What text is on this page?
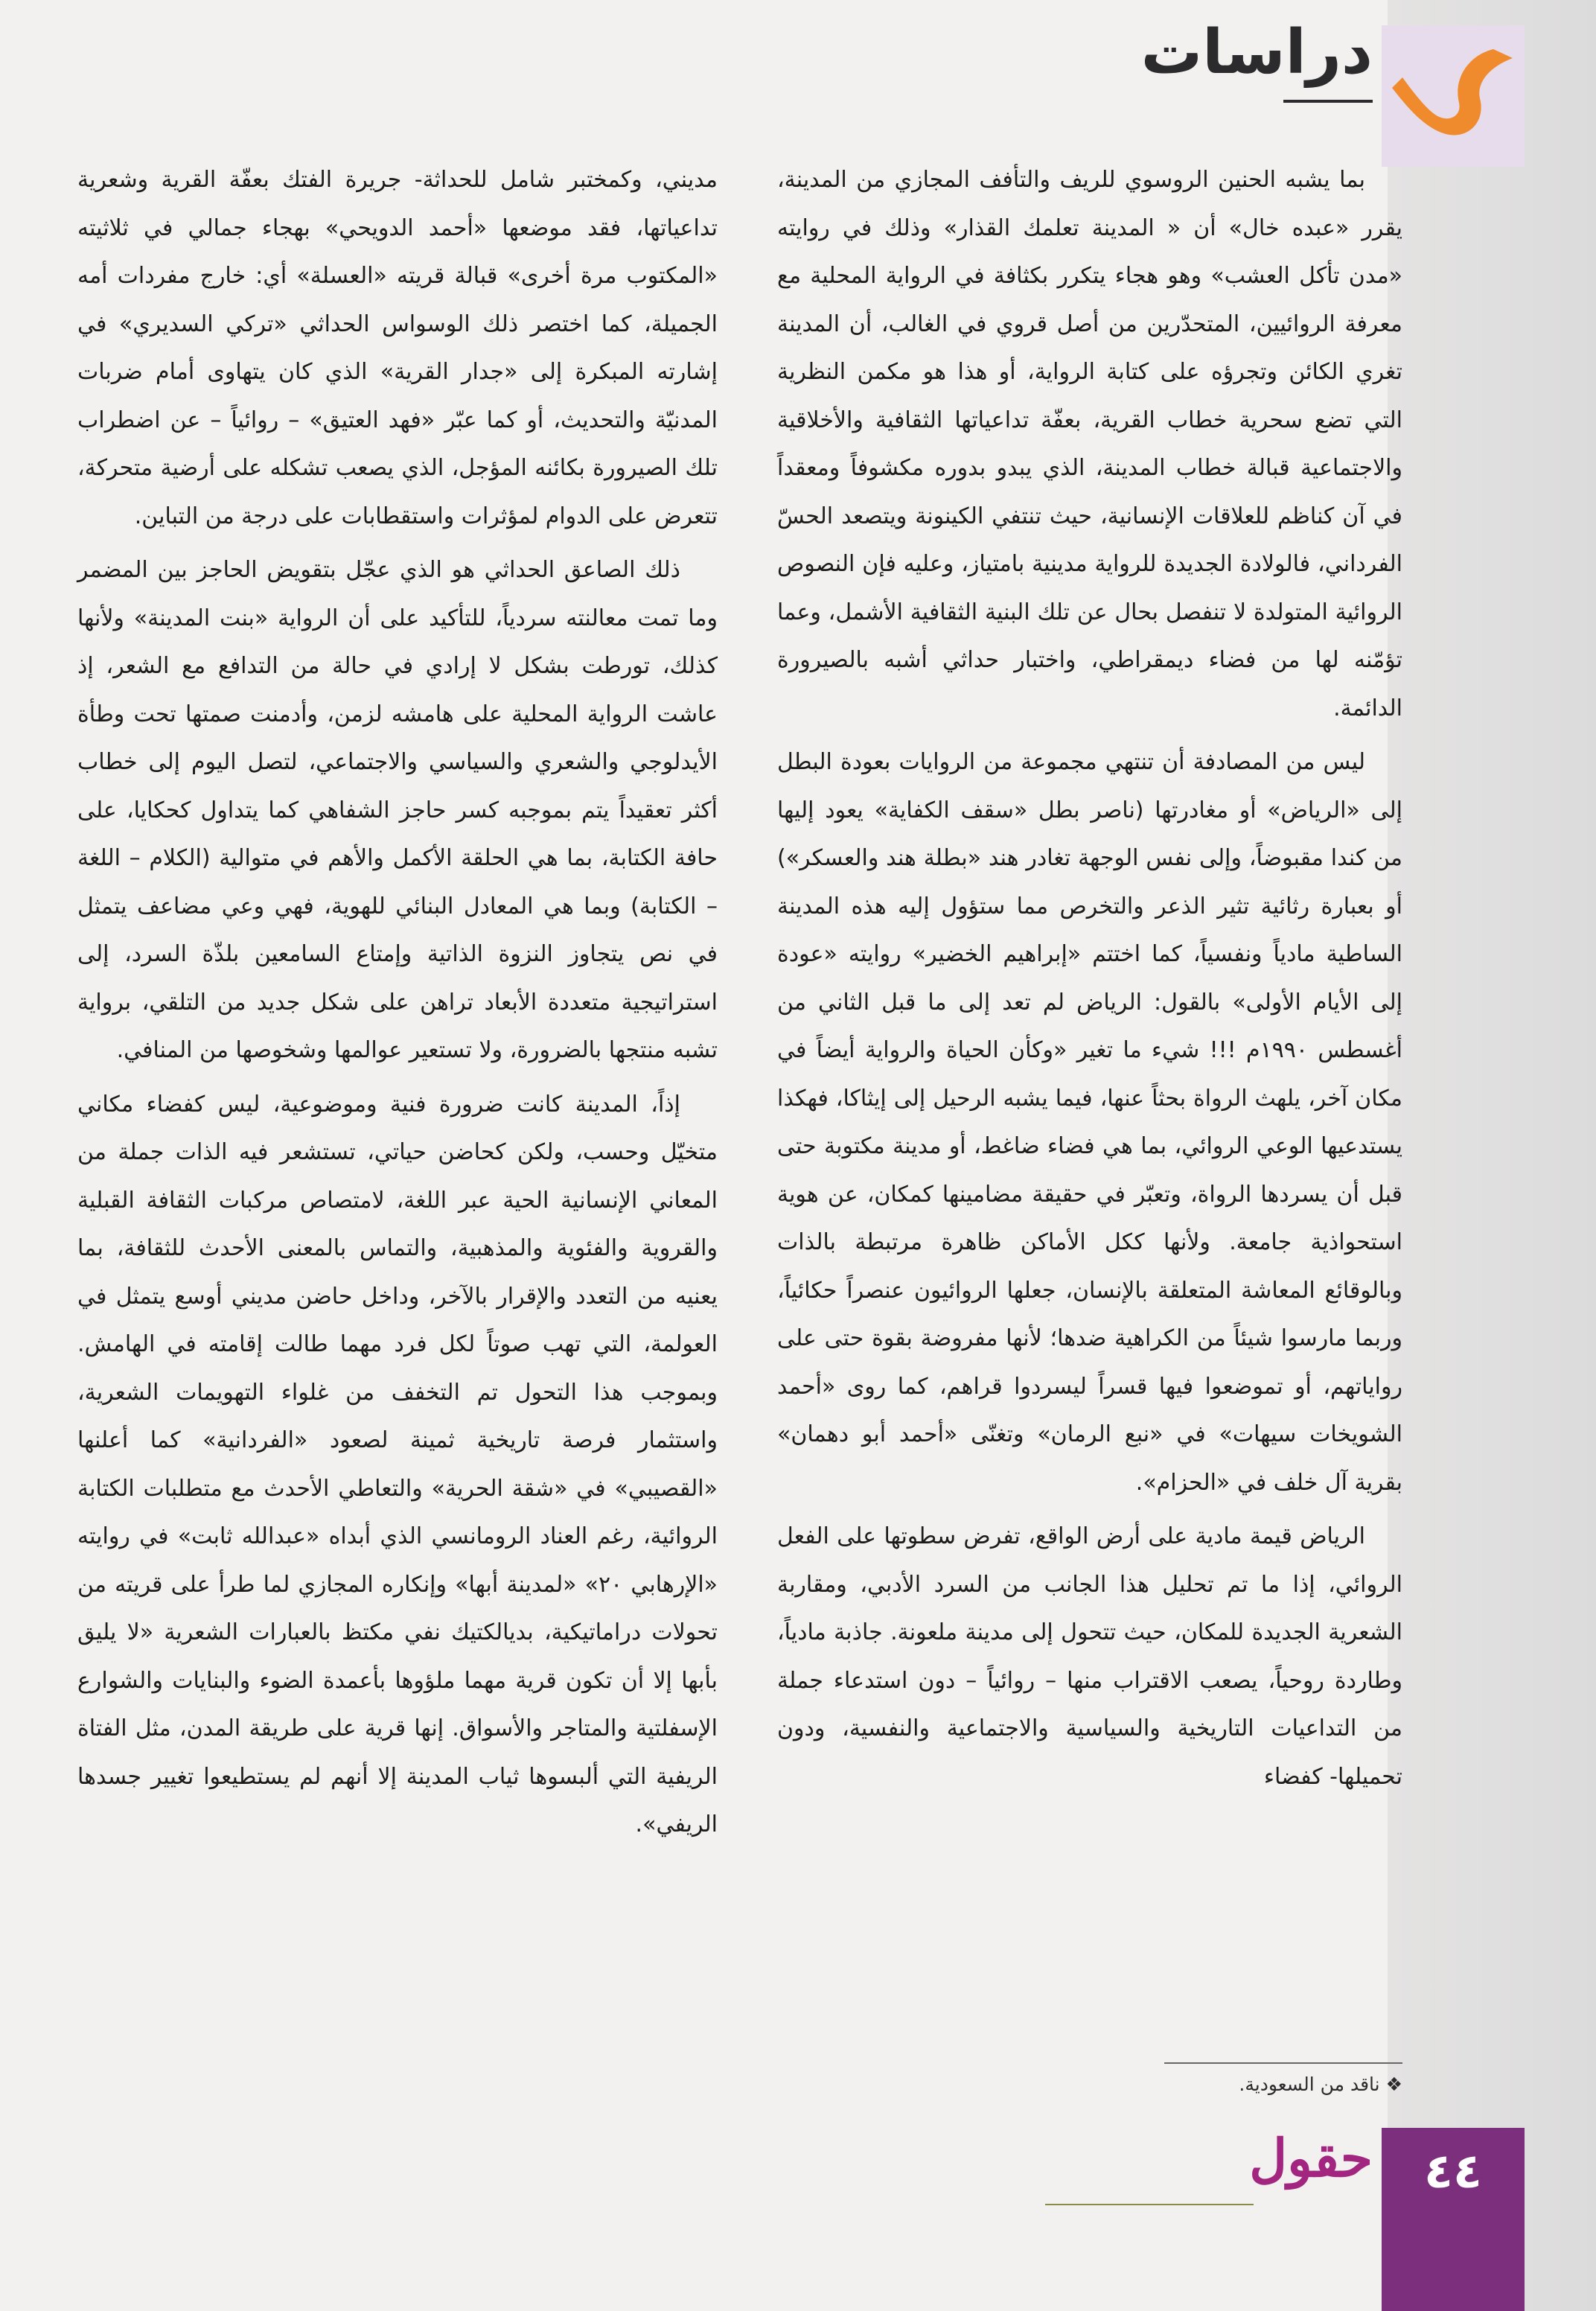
دراسات

بما يشبه الحنين الروسوي للريف والتأفف المجازي من المدينة، يقرر «عبده خال» أن « المدينة تعلمك القذار» وذلك في روايته «مدن تأكل العشب» وهو هجاء يتكرر بكثافة في الرواية المحلية مع معرفة الروائيين، المتحدّرين من أصل قروي في الغالب، أن المدينة تغري الكائن وتجرؤه على كتابة الرواية، أو هذا هو مكمن النظرية التي تضع سحرية خطاب القرية، بعفّة تداعياتها الثقافية والأخلاقية والاجتماعية قبالة خطاب المدينة، الذي يبدو بدوره مكشوفاً ومعقداً في آن كناظم للعلاقات الإنسانية، حيث تنتفي الكينونة ويتصعد الحسّ الفرداني، فالولادة الجديدة للرواية مدينية بامتياز، وعليه فإن النصوص الروائية المتولدة لا تنفصل بحال عن تلك البنية الثقافية الأشمل، وعما تؤمّنه لها من فضاء ديمقراطي، واختبار حداثي أشبه بالصيرورة الدائمة.

ليس من المصادفة أن تنتهي مجموعة من الروايات بعودة البطل إلى «الرياض» أو مغادرتها (ناصر بطل «سقف الكفاية» يعود إليها من كندا مقبوضاً، وإلى نفس الوجهة تغادر هند «بطلة هند والعسكر») أو بعبارة رثائية تثير الذعر والتخرص مما ستؤول إليه هذه المدينة الساطية مادياً ونفسياً، كما اختتم «إبراهيم الخضير» روايته «عودة إلى الأيام الأولى» بالقول: الرياض لم تعد إلى ما قبل الثاني من أغسطس ١٩٩٠م !!! شيء ما تغير «وكأن الحياة والرواية أيضاً في مكان آخر، يلهث الرواة بحثاً عنها، فيما يشبه الرحيل إلى إيثاكا، فهكذا يستدعيها الوعي الروائي، بما هي فضاء ضاغط، أو مدينة مكتوبة حتى قبل أن يسردها الرواة، وتعبّر في حقيقة مضامينها كمكان، عن هوية استحواذية جامعة. ولأنها ككل الأماكن ظاهرة مرتبطة بالذات وبالوقائع المعاشة المتعلقة بالإنسان، جعلها الروائيون عنصراً حكائياً، وربما مارسوا شيئاً من الكراهية ضدها؛ لأنها مفروضة بقوة حتى على رواياتهم، أو تموضعوا فيها قسراً ليسردوا قراهم، كما روى «أحمد الشويخات سيهات» في «نبع الرمان» وتغنّى «أحمد أبو دهمان» بقرية آل خلف في «الحزام».

الرياض قيمة مادية على أرض الواقع، تفرض سطوتها على الفعل الروائي، إذا ما تم تحليل هذا الجانب من السرد الأدبي، ومقاربة الشعرية الجديدة للمكان، حيث تتحول إلى مدينة ملعونة. جاذبة مادياً، وطاردة روحياً، يصعب الاقتراب منها – روائياً – دون استدعاء جملة من التداعيات التاريخية والسياسية والاجتماعية والنفسية، ودون تحميلها- كفضاء

مديني، وكمختبر شامل للحداثة- جريرة الفتك بعفّة القرية وشعرية تداعياتها، فقد موضعها «أحمد الدويحي» بهجاء جمالي في ثلاثيته «المكتوب مرة أخرى» قبالة قريته «العسلة» أي: خارج مفردات أمه الجميلة، كما اختصر ذلك الوسواس الحداثي «تركي السديري» في إشارته المبكرة إلى «جدار القرية» الذي كان يتهاوى أمام ضربات المدنيّة والتحديث، أو كما عبّر «فهد العتيق» – روائياً – عن اضطراب تلك الصيرورة بكائنه المؤجل، الذي يصعب تشكله على أرضية متحركة، تتعرض على الدوام لمؤثرات واستقطابات على درجة من التباين.

ذلك الصاعق الحداثي هو الذي عجّل بتقويض الحاجز بين المضمر وما تمت معالنته سردياً، للتأكيد على أن الرواية «بنت المدينة» ولأنها كذلك، تورطت بشكل لا إرادي في حالة من التدافع مع الشعر، إذ عاشت الرواية المحلية على هامشه لزمن، وأدمنت صمتها تحت وطأة الأيدلوجي والشعري والسياسي والاجتماعي، لتصل اليوم إلى خطاب أكثر تعقيداً يتم بموجبه كسر حاجز الشفاهي كما يتداول كحكايا، على حافة الكتابة، بما هي الحلقة الأكمل والأهم في متوالية (الكلام – اللغة – الكتابة) وبما هي المعادل البنائي للهوية، فهي وعي مضاعف يتمثل في نص يتجاوز النزوة الذاتية وإمتاع السامعين بلذّة السرد، إلى استراتيجية متعددة الأبعاد تراهن على شكل جديد من التلقي، برواية تشبه منتجها بالضرورة، ولا تستعير عوالمها وشخوصها من المنافي.

إذاً، المدينة كانت ضرورة فنية وموضوعية، ليس كفضاء مكاني متخيّل وحسب، ولكن كحاضن حياتي، تستشعر فيه الذات جملة من المعاني الإنسانية الحية عبر اللغة، لامتصاص مركبات الثقافة القبلية والقروية والفئوية والمذهبية، والتماس بالمعنى الأحدث للثقافة، بما يعنيه من التعدد والإقرار بالآخر، وداخل حاضن مديني أوسع يتمثل في العولمة، التي تهب صوتاً لكل فرد مهما طالت إقامته في الهامش. وبموجب هذا التحول تم التخفف من غلواء التهويمات الشعرية، واستثمار فرصة تاريخية ثمينة لصعود «الفردانية» كما أعلنها «القصيبي» في «شقة الحرية» والتعاطي الأحدث مع متطلبات الكتابة الروائية، رغم العناد الرومانسي الذي أبداه «عبدالله ثابت» في روايته «الإرهابي ٢٠» «لمدينة أبها» وإنكاره المجازي لما طرأ على قريته من تحولات دراماتيكية، بديالكتيك نفي مكتظ بالعبارات الشعرية «لا يليق بأبها إلا أن تكون قرية مهما ملؤوها بأعمدة الضوء والبنايات والشوارع الإسفلتية والمتاجر والأسواق. إنها قرية على طريقة المدن، مثل الفتاة الريفية التي ألبسوها ثياب المدينة إلا أنهم لم يستطيعوا تغيير جسدها الريفي».

❖ ناقد من السعودية.
٤٤
حقول
